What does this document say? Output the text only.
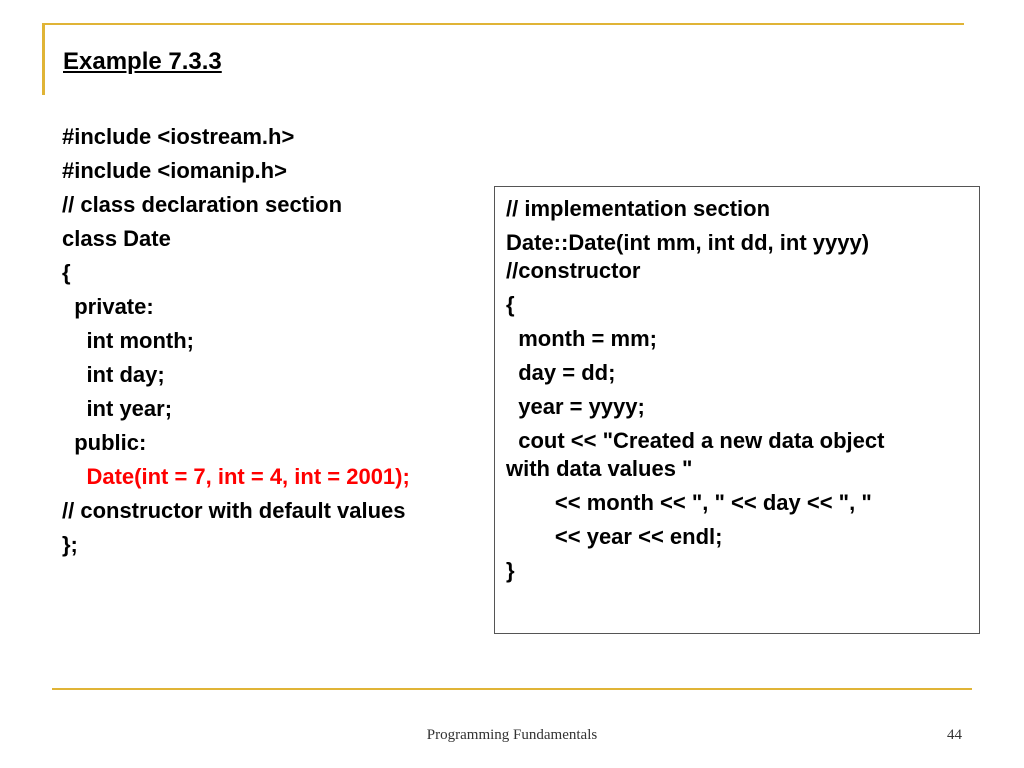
Example 7.3.3
#include <iostream.h>
#include <iomanip.h>
// class declaration section
class Date
{
private:
int month;
int day;
int year;
public:
Date(int = 7, int = 4, int = 2001);
// constructor with default values
};
// implementation section
Date::Date(int mm, int dd, int yyyy)
//constructor
{
month = mm;
day = dd;
year = yyyy;
cout << "Created a new data object
with data values "
<< month << ", " << day << ", "
<< year << endl;
}
Programming Fundamentals	44
